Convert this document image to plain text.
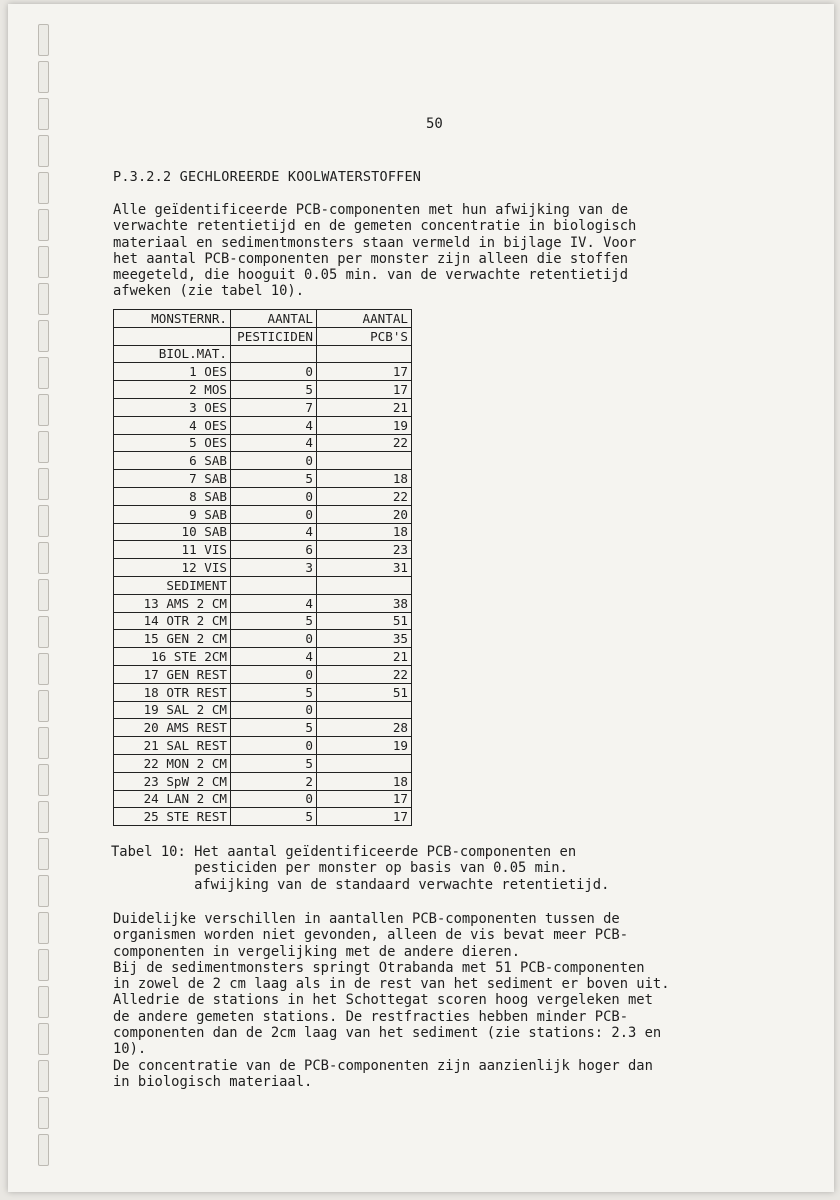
50
P.3.2.2 GECHLOREERDE KOOLWATERSTOFFEN
Alle geïdentificeerde PCB-componenten met hun afwijking van de
verwachte retentietijd en de gemeten concentratie in biologisch
materiaal en sedimentmonsters staan vermeld in bijlage IV. Voor
het aantal PCB-componenten per monster zijn alleen die stoffen
meegeteld, die hooguit 0.05 min. van de verwachte retentietijd
afweken (zie tabel 10).
MONSTERNR.	AANTAL	AANTAL
	PESTICIDEN	PCB'S
BIOL.MAT.		
1 OES	0	17
2 MOS	5	17
3 OES	7	21
4 OES	4	19
5 OES	4	22
6 SAB	0	
7 SAB	5	18
8 SAB	0	22
9 SAB	0	20
10 SAB	4	18
11 VIS	6	23
12 VIS	3	31
SEDIMENT		
13 AMS 2 CM	4	38
14 OTR 2 CM	5	51
15 GEN 2 CM	0	35
16 STE 2CM	4	21
17 GEN REST	0	22
18 OTR REST	5	51
19 SAL 2 CM	0	
20 AMS REST	5	28
21 SAL REST	0	19
22 MON 2 CM	5	
23 SpW 2 CM	2	18
24 LAN 2 CM	0	17
25 STE REST	5	17
Tabel 10: Het aantal geïdentificeerde PCB-componenten en
pesticiden per monster op basis van 0.05 min.
afwijking van de standaard verwachte retentietijd.
Duidelijke verschillen in aantallen PCB-componenten tussen de
organismen worden niet gevonden, alleen de vis bevat meer PCB-
componenten in vergelijking met de andere dieren.
Bij de sedimentmonsters springt Otrabanda met 51 PCB-componenten
in zowel de 2 cm laag als in de rest van het sediment er boven uit.
Alledrie de stations in het Schottegat scoren hoog vergeleken met
de andere gemeten stations. De restfracties hebben minder PCB-
componenten dan de 2cm laag van het sediment (zie stations: 2.3 en
10).
De concentratie van de PCB-componenten zijn aanzienlijk hoger dan
in biologisch materiaal.
